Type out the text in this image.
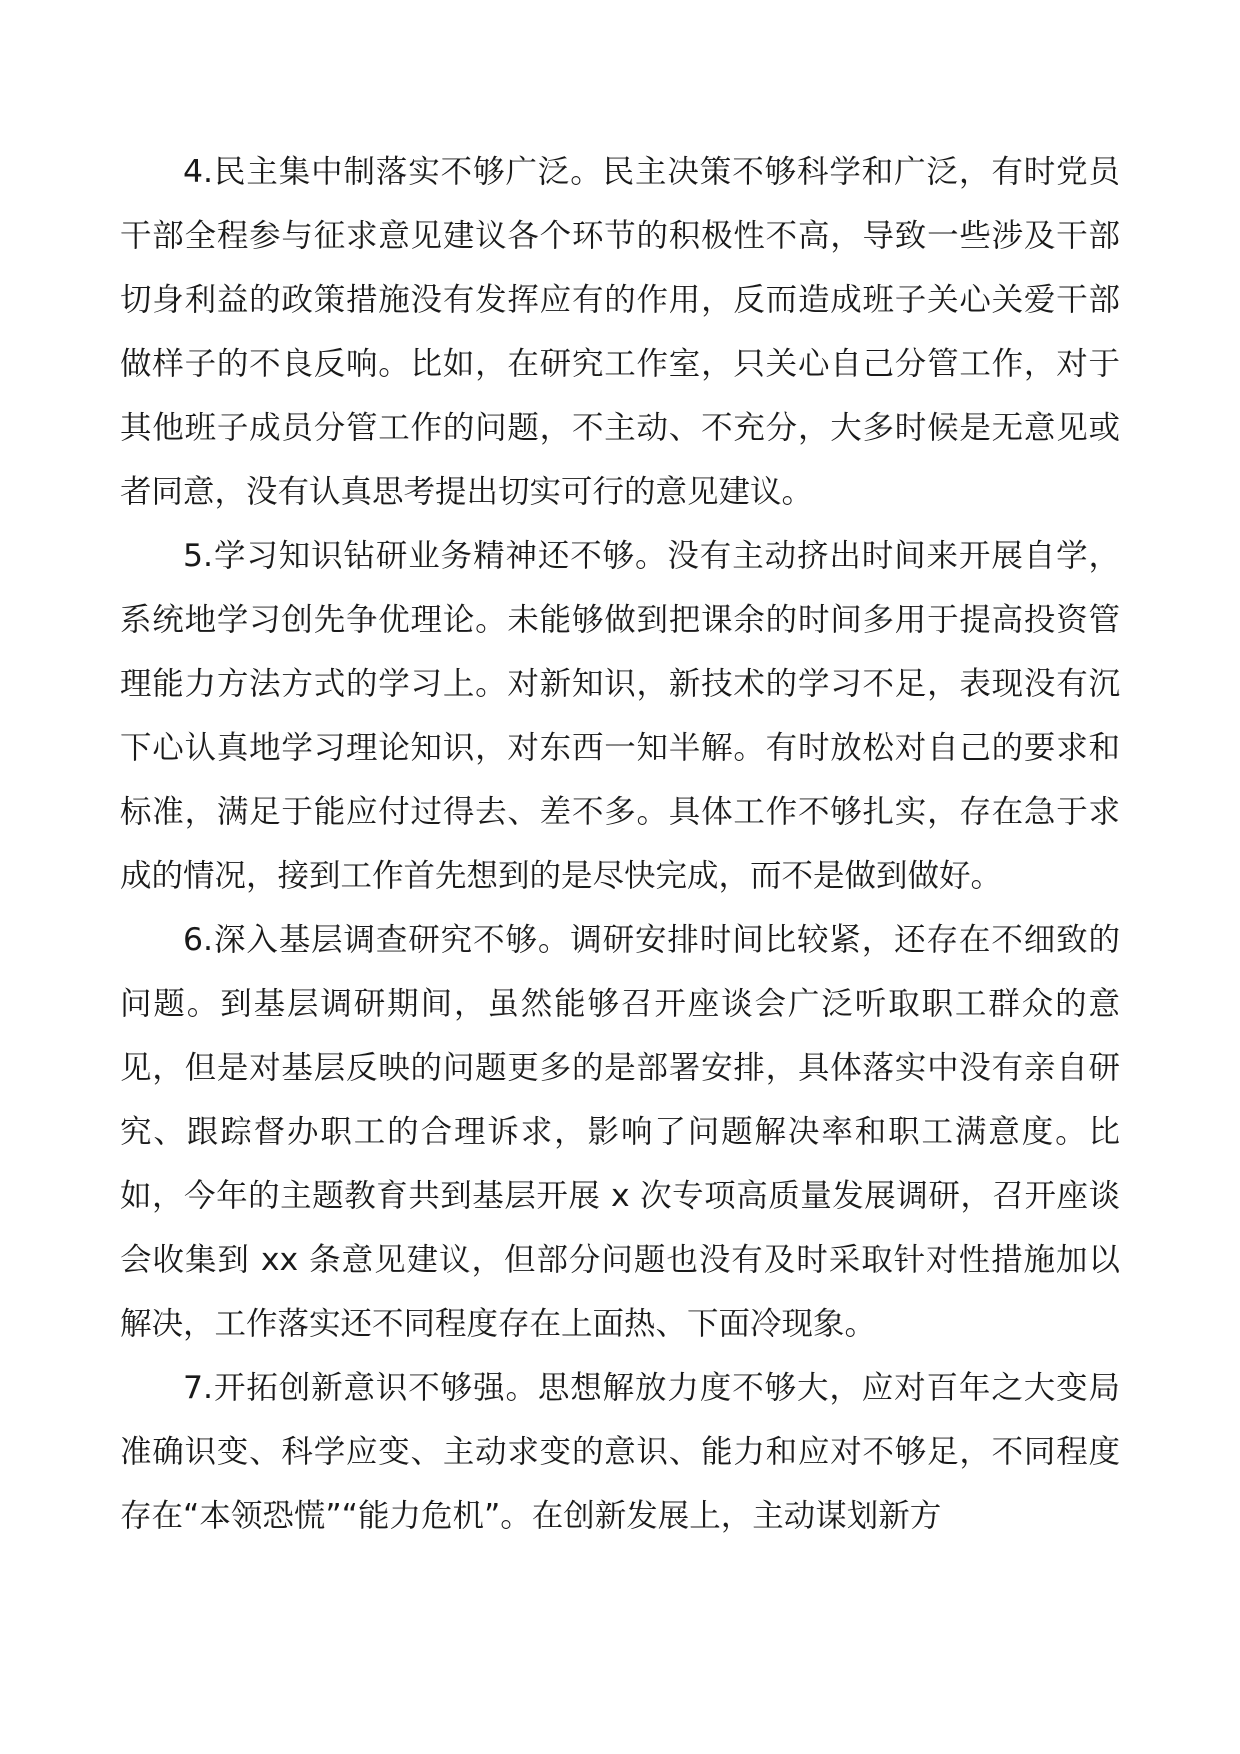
4.民主集中制落实不够广泛。民主决策不够科学和广泛，有时党员干部全程参与征求意见建议各个环节的积极性不高，导致一些涉及干部切身利益的政策措施没有发挥应有的作用，反而造成班子关心关爱干部做样子的不良反响。比如，在研究工作室，只关心自己分管工作，对于其他班子成员分管工作的问题，不主动、不充分，大多时候是无意见或者同意，没有认真思考提出切实可行的意见建议。

5.学习知识钻研业务精神还不够。没有主动挤出时间来开展自学，系统地学习创先争优理论。未能够做到把课余的时间多用于提高投资管理能力方法方式的学习上。对新知识，新技术的学习不足，表现没有沉下心认真地学习理论知识，对东西一知半解。有时放松对自己的要求和标准，满足于能应付过得去、差不多。具体工作不够扎实，存在急于求成的情况，接到工作首先想到的是尽快完成，而不是做到做好。

6.深入基层调查研究不够。调研安排时间比较紧，还存在不细致的问题。到基层调研期间，虽然能够召开座谈会广泛听取职工群众的意见，但是对基层反映的问题更多的是部署安排，具体落实中没有亲自研究、跟踪督办职工的合理诉求，影响了问题解决率和职工满意度。比如，今年的主题教育共到基层开展 x 次专项高质量发展调研，召开座谈会收集到 xx 条意见建议，但部分问题也没有及时采取针对性措施加以解决，工作落实还不同程度存在上面热、下面冷现象。

7.开拓创新意识不够强。思想解放力度不够大，应对百年之大变局准确识变、科学应变、主动求变的意识、能力和应对不够足，不同程度存在“本领恐慌”“能力危机”。在创新发展上，主动谋划新方
